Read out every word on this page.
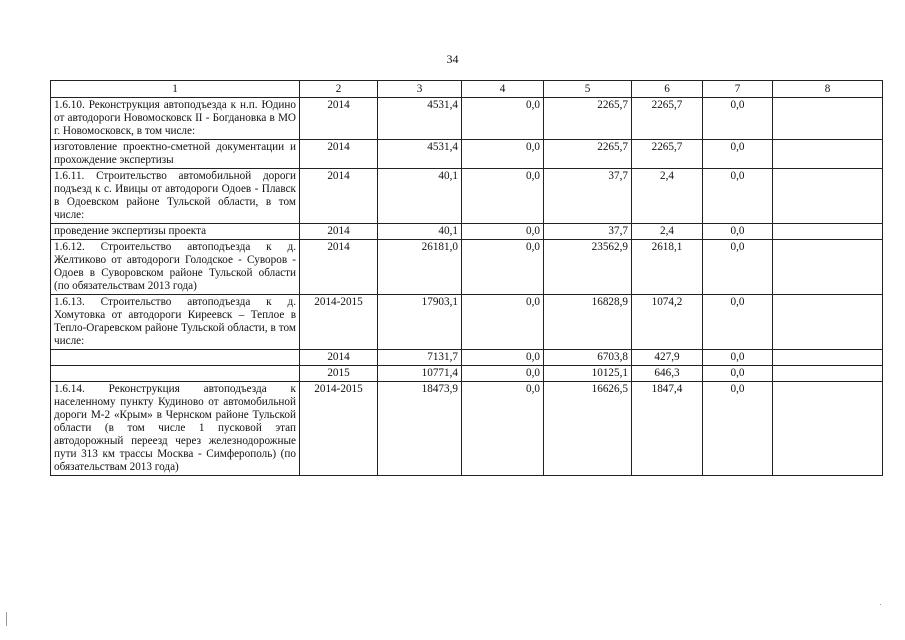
34
1	2	3	4	5	6	7	8
1.6.10. Реконструкция автоподъезда к н.п. Юдино от автодороги Новомосковск II - Богдановка в МО г. Новомосковск, в том числе:	2014	4531,4	0,0	2265,7	2265,7	0,0	
изготовление проектно-сметной документации и прохождение экспертизы	2014	4531,4	0,0	2265,7	2265,7	0,0	
1.6.11. Строительство автомобильной дороги подъезд к с. Ивицы от автодороги Одоев - Плавск в Одоевском районе Тульской области, в том числе:	2014	40,1	0,0	37,7	2,4	0,0	
проведение экспертизы проекта	2014	40,1	0,0	37,7	2,4	0,0	
1.6.12. Строительство автоподъезда к д. Желтиково от автодороги Голодское - Суворов - Одоев в Суворовском районе Тульской области (по обязательствам 2013 года)	2014	26181,0	0,0	23562,9	2618,1	0,0	
1.6.13. Строительство автоподъезда к д. Хомутовка от автодороги Киреевск – Теплое в Тепло-Огаревском районе Тульской области, в том числе:	2014-2015	17903,1	0,0	16828,9	1074,2	0,0	
	2014	7131,7	0,0	6703,8	427,9	0,0	
	2015	10771,4	0,0	10125,1	646,3	0,0	
1.6.14. Реконструкция автоподъезда к населенному пункту Кудиново от автомобильной дороги М-2 «Крым» в Чернском районе Тульской области (в том числе 1 пусковой этап автодорожный переезд через железнодорожные пути 313 км трассы Москва - Симферополь) (по обязательствам 2013 года)	2014-2015	18473,9	0,0	16626,5	1847,4	0,0	
